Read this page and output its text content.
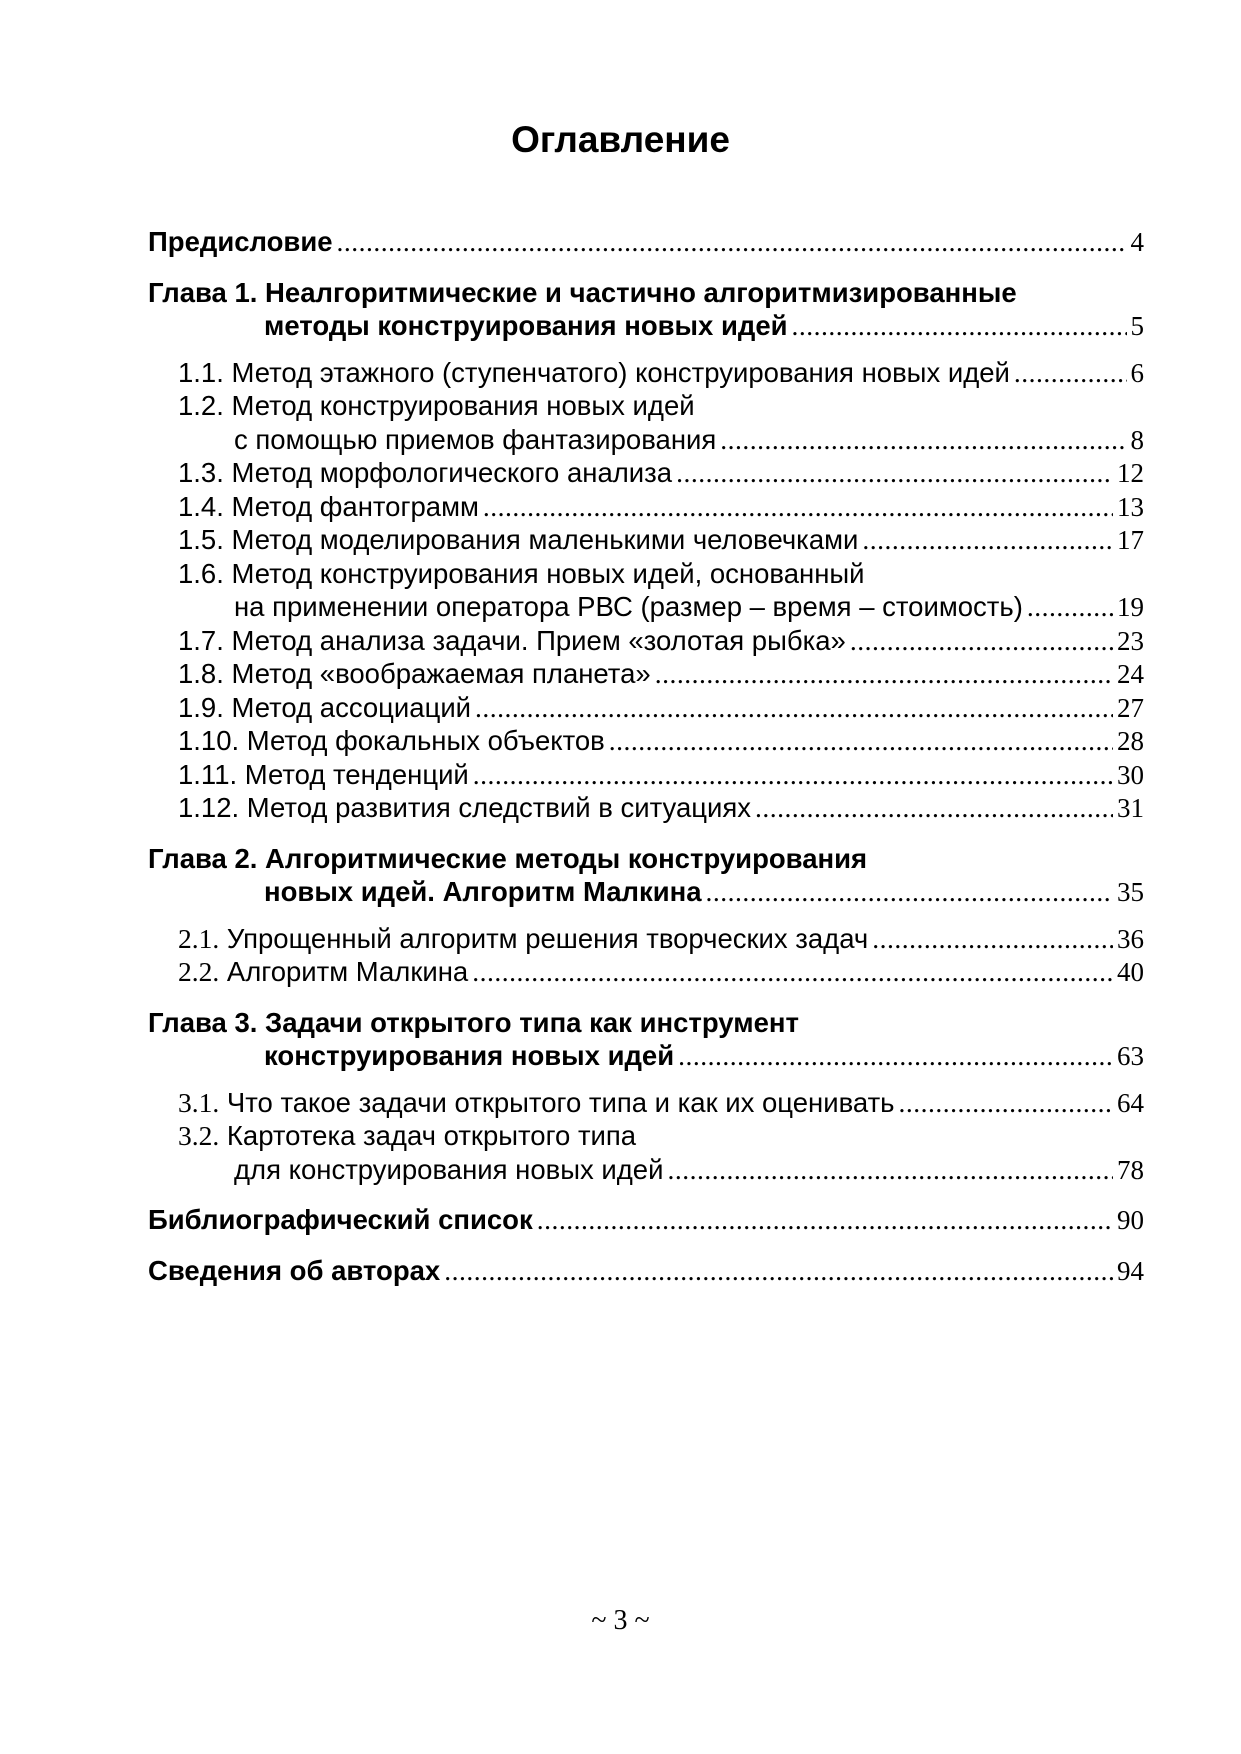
Оглавление
Предисловие .....	4
Глава 1. Неалгоритмические и частично алгоритмизированные
методы конструирования новых идей .....	5
1.1. Метод этажного (ступенчатого) конструирования новых идей .....	6
1.2. Метод конструирования новых идей
с помощью приемов фантазирования .....	8
1.3. Метод морфологического анализа .....	12
1.4. Метод фантограмм .....	13
1.5. Метод моделирования маленькими человечками .....	17
1.6. Метод конструирования новых идей, основанный
на применении оператора РВС (размер – время – стоимость) .....	19
1.7. Метод анализа задачи. Прием «золотая рыбка» .....	23
1.8. Метод «воображаемая планета» .....	24
1.9. Метод ассоциаций .....	27
1.10. Метод фокальных объектов .....	28
1.11. Метод тенденций .....	30
1.12. Метод развития следствий в ситуациях .....	31
Глава 2. Алгоритмические методы конструирования
новых идей. Алгоритм Малкина .....	35
2.1.
Упрощенный алгоритм решения творческих задач .....	36
2.2.
Алгоритм Малкина .....	40
Глава 3. Задачи открытого типа как инструмент
конструирования новых идей .....	63
3.1.
Что такое задачи открытого типа и как их оценивать .....	64
3.2.
Картотека задач открытого типа
для конструирования новых идей .....	78
Библиографический список .....	90
Сведения об авторах .....	94
~ 3 ~
